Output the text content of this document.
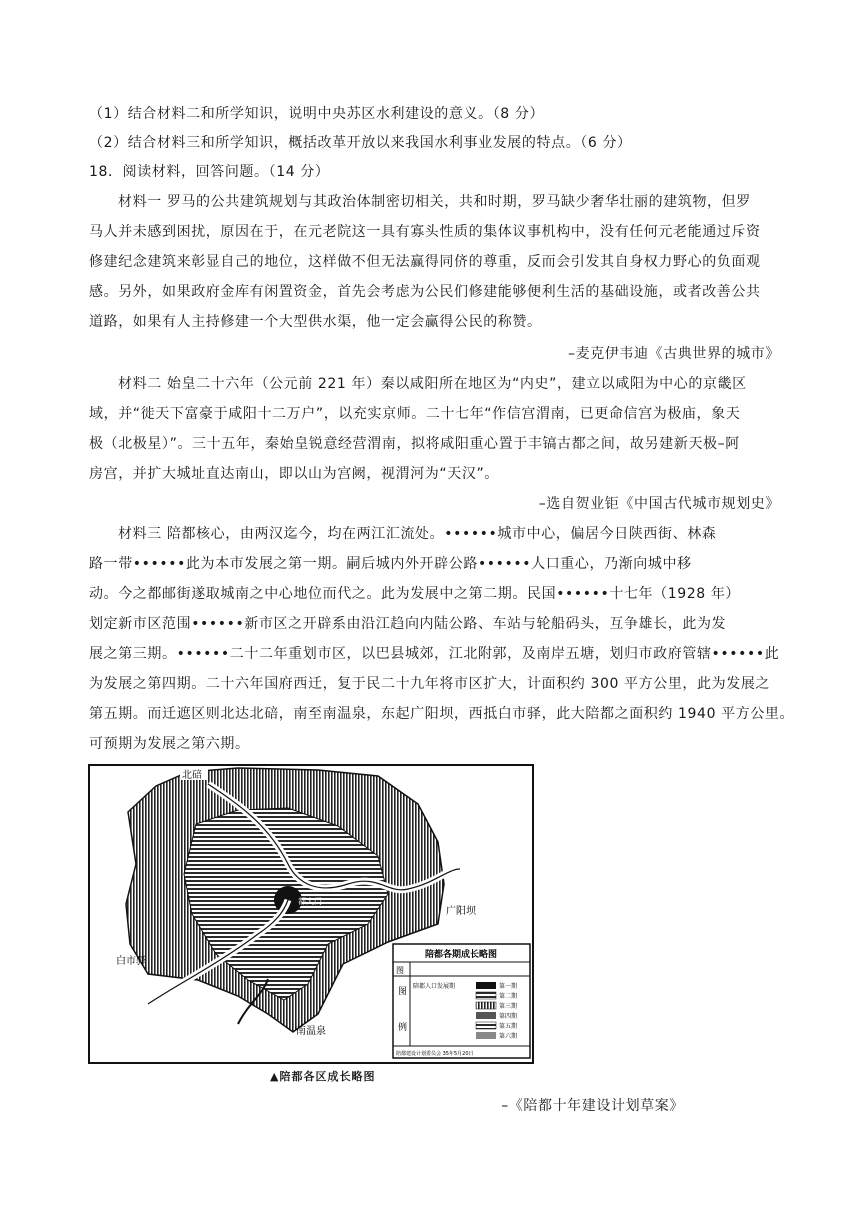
（1）结合材料二和所学知识，说明中央苏区水利建设的意义。（8 分）
（2）结合材料三和所学知识，概括改革开放以来我国水利事业发展的特点。（6 分）
18．阅读材料，回答问题。（14 分）
材料一 罗马的公共建筑规划与其政治体制密切相关，共和时期，罗马缺少奢华壮丽的建筑物，但罗
马人并未感到困扰，原因在于，在元老院这一具有寡头性质的集体议事机构中，没有任何元老能通过斥资
修建纪念建筑来彰显自己的地位，这样做不但无法赢得同侪的尊重，反而会引发其自身权力野心的负面观
感。另外，如果政府金库有闲置资金，首先会考虑为公民们修建能够便利生活的基础设施，或者改善公共
道路，如果有人主持修建一个大型供水渠，他一定会赢得公民的称赞。
–麦克伊韦迪《古典世界的城市》
材料二 始皇二十六年（公元前 221 年）秦以咸阳所在地区为“内史”，建立以咸阳为中心的京畿区
域，并“徙天下富豪于咸阳十二万户”，以充实京师。二十七年“作信宫渭南，已更命信宫为极庙，象天
极（北极星）”。三十五年，秦始皇锐意经营渭南，拟将咸阳重心置于丰镐古都之间，故另建新天极–阿
房宫，并扩大城址直达南山，即以山为宫阙，视渭河为“天汉”。
–选自贺业钜《中国古代城市规划史》
材料三 陪都核心，由两汉迄今，均在两江汇流处。••••••城市中心，偏居今日陕西街、林森
路一带••••••此为本市发展之第一期。嗣后城内外开辟公路••••••人口重心，乃渐向城中移
动。今之都邮街遂取城南之中心地位而代之。此为发展中之第二期。民国••••••十七年（1928 年）
划定新市区范围••••••新市区之开辟系由沿江趋向内陆公路、车站与轮船码头，互争雄长，此为发
展之第三期。••••••二十二年重划市区，以巴县城郊，江北附郭，及南岸五塘，划归市政府管辖••••••此
为发展之第四期。二十六年国府西迁，复于民二十九年将市区扩大，计面积约 300 平方公里，此为发展之
第五期。而迁遮区则北达北碚，南至南温泉，东起广阳坝，西抵白市驿，此大陪都之面积约 1940 平方公里。
可预期为发展之第六期。
陪都各期成长略图
图
图
例
陪都人口发展期	第一期
第二期
第三期
第四期
第五期
第六期
陪都建设计划委员会 35年5月20日
北碚
广阳坝
白市驿
南温泉
都大门
▲陪都各区成长略图
–《陪都十年建设计划草案》
